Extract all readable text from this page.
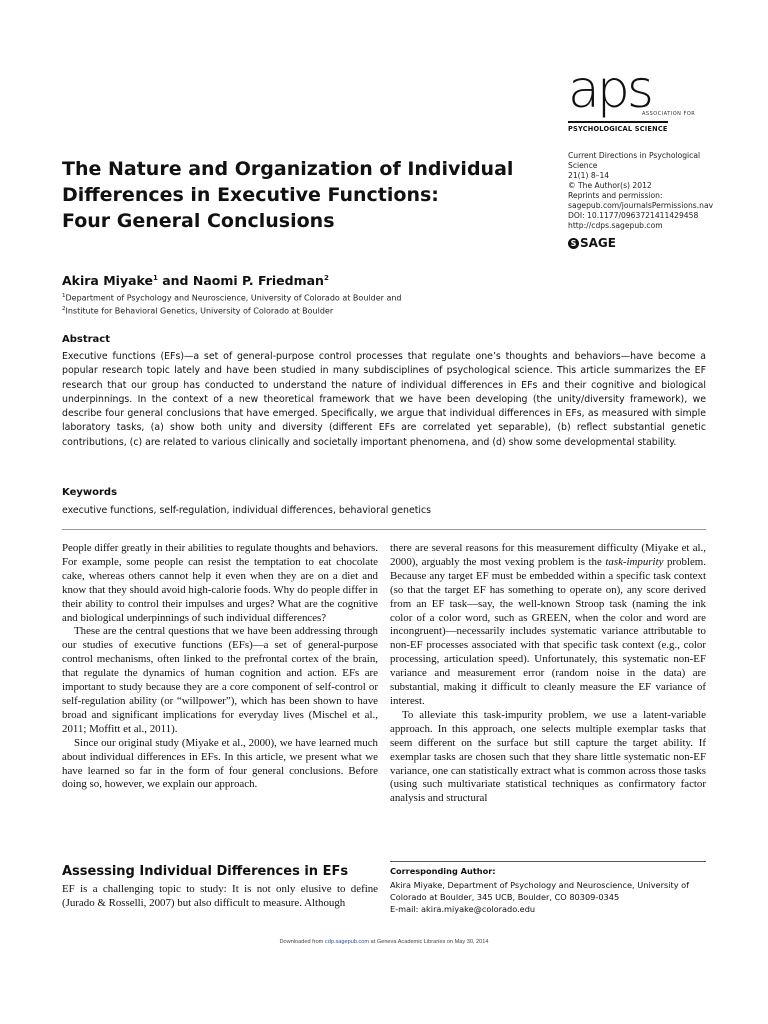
aps
ASSOCIATION FOR
PSYCHOLOGICAL SCIENCE
Current Directions in Psychological
Science
21(1) 8–14
© The Author(s) 2012
Reprints and permission:
sagepub.com/journalsPermissions.nav
DOI: 10.1177/0963721411429458
http://cdps.sagepub.com
S SAGE
The Nature and Organization of Individual
Differences in Executive Functions:
Four General Conclusions
Akira Miyake$^1$ and Naomi P. Friedman$^2$
$^1$Department of Psychology and Neuroscience, University of Colorado at Boulder and
$^2$Institute for Behavioral Genetics, University of Colorado at Boulder
Abstract
Executive functions (EFs)—a set of general-purpose control processes that regulate one’s thoughts and behaviors—have become a popular research topic lately and have been studied in many subdisciplines of psychological science. This article summarizes the EF research that our group has conducted to understand the nature of individual differences in EFs and their cognitive and biological underpinnings. In the context of a new theoretical framework that we have been developing (the unity/diversity framework), we describe four general conclusions that have emerged. Specifically, we argue that individual differences in EFs, as measured with simple laboratory tasks, (a) show both unity and diversity (different EFs are correlated yet separable), (b) reflect substantial genetic contributions, (c) are related to various clinically and societally important phenomena, and (d) show some developmental stability.
Keywords
executive functions, self-regulation, individual differences, behavioral genetics

People differ greatly in their abilities to regulate thoughts and behaviors. For example, some people can resist the temptation to eat chocolate cake, whereas others cannot help it even when they are on a diet and know that they should avoid high-calorie foods. Why do people differ in their ability to control their impulses and urges? What are the cognitive and biological underpinnings of such individual differences?

These are the central questions that we have been addressing through our studies of executive functions (EFs)—a set of general-purpose control mechanisms, often linked to the prefrontal cortex of the brain, that regulate the dynamics of human cognition and action. EFs are important to study because they are a core component of self-control or self-regulation ability (or “willpower”), which has been shown to have broad and significant implications for everyday lives (Mischel et al., 2011; Moffitt et al., 2011).

Since our original study (Miyake et al., 2000), we have learned much about individual differences in EFs. In this article, we present what we have learned so far in the form of four general conclusions. Before doing so, however, we explain our approach.

Assessing Individual Differences in EFs

EF is a challenging topic to study: It is not only elusive to define (Jurado & Rosselli, 2007) but also difficult to measure. Although

there are several reasons for this measurement difficulty (Miyake et al., 2000), arguably the most vexing problem is the task-impurity problem. Because any target EF must be embedded within a specific task context (so that the target EF has something to operate on), any score derived from an EF task—say, the well-known Stroop task (naming the ink color of a color word, such as GREEN, when the color and word are incongruent)—necessarily includes systematic variance attributable to non-EF processes associated with that specific task context (e.g., color processing, articulation speed). Unfortunately, this systematic non-EF variance and measurement error (random noise in the data) are substantial, making it difficult to cleanly measure the EF variance of interest.

To alleviate this task-impurity problem, we use a latent-variable approach. In this approach, one selects multiple exemplar tasks that seem different on the surface but still capture the target ability. If exemplar tasks are chosen such that they share little systematic non-EF variance, one can statistically extract what is common across those tasks (using such multivariate statistical techniques as confirmatory factor analysis and structural

Corresponding Author:
Akira Miyake, Department of Psychology and Neuroscience, University of
Colorado at Boulder, 345 UCB, Boulder, CO 80309-0345
E-mail: akira.miyake@colorado.edu
Downloaded from cdp.sagepub.com at Geneva Academic Libraries on May 30, 2014
